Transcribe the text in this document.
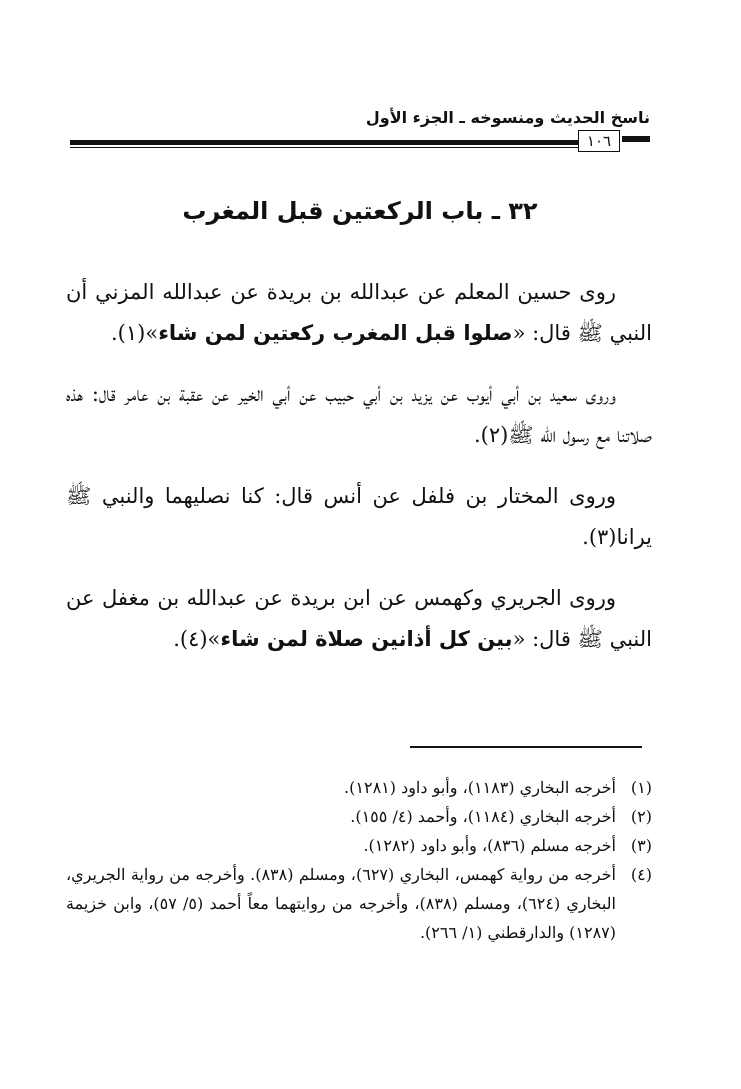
ناسخ الحديث ومنسوخه ـ الجزء الأول
١٠٦
٣٢ ـ باب الركعتين قبل المغرب

روى حسين المعلم عن عبدالله بن بريدة عن عبدالله المزني أن النبي ﷺ قال: «صلوا قبل المغرب ركعتين لمن شاء»(١).

وروى سعيد بن أبي أيوب عن يزيد بن أبي حبيب عن أبي الخير عن عقبة بن عامر قال: هذه صلاتنا مع رسول الله ﷺ(٢).

وروى المختار بن فلفل عن أنس قال: كنا نصليهما والنبي ﷺ يرانا(٣).

وروى الجريري وكهمس عن ابن بريدة عن عبدالله بن مغفل عن النبي ﷺ قال: «بين كل أذانين صلاة لمن شاء»(٤).

(١)
أخرجه البخاري (١١٨٣)، وأبو داود (١٢٨١).
(٢)
أخرجه البخاري (١١٨٤)، وأحمد (٤/ ١٥٥).
(٣)
أخرجه مسلم (٨٣٦)، وأبو داود (١٢٨٢).
(٤)
أخرجه من رواية كهمس، البخاري (٦٢٧)، ومسلم (٨٣٨). وأخرجه من رواية الجريري، البخاري (٦٢٤)، ومسلم (٨٣٨)، وأخرجه من روايتهما معاً أحمد (٥/ ٥٧)، وابن خزيمة (١٢٨٧) والدارقطني (١/ ٢٦٦).
